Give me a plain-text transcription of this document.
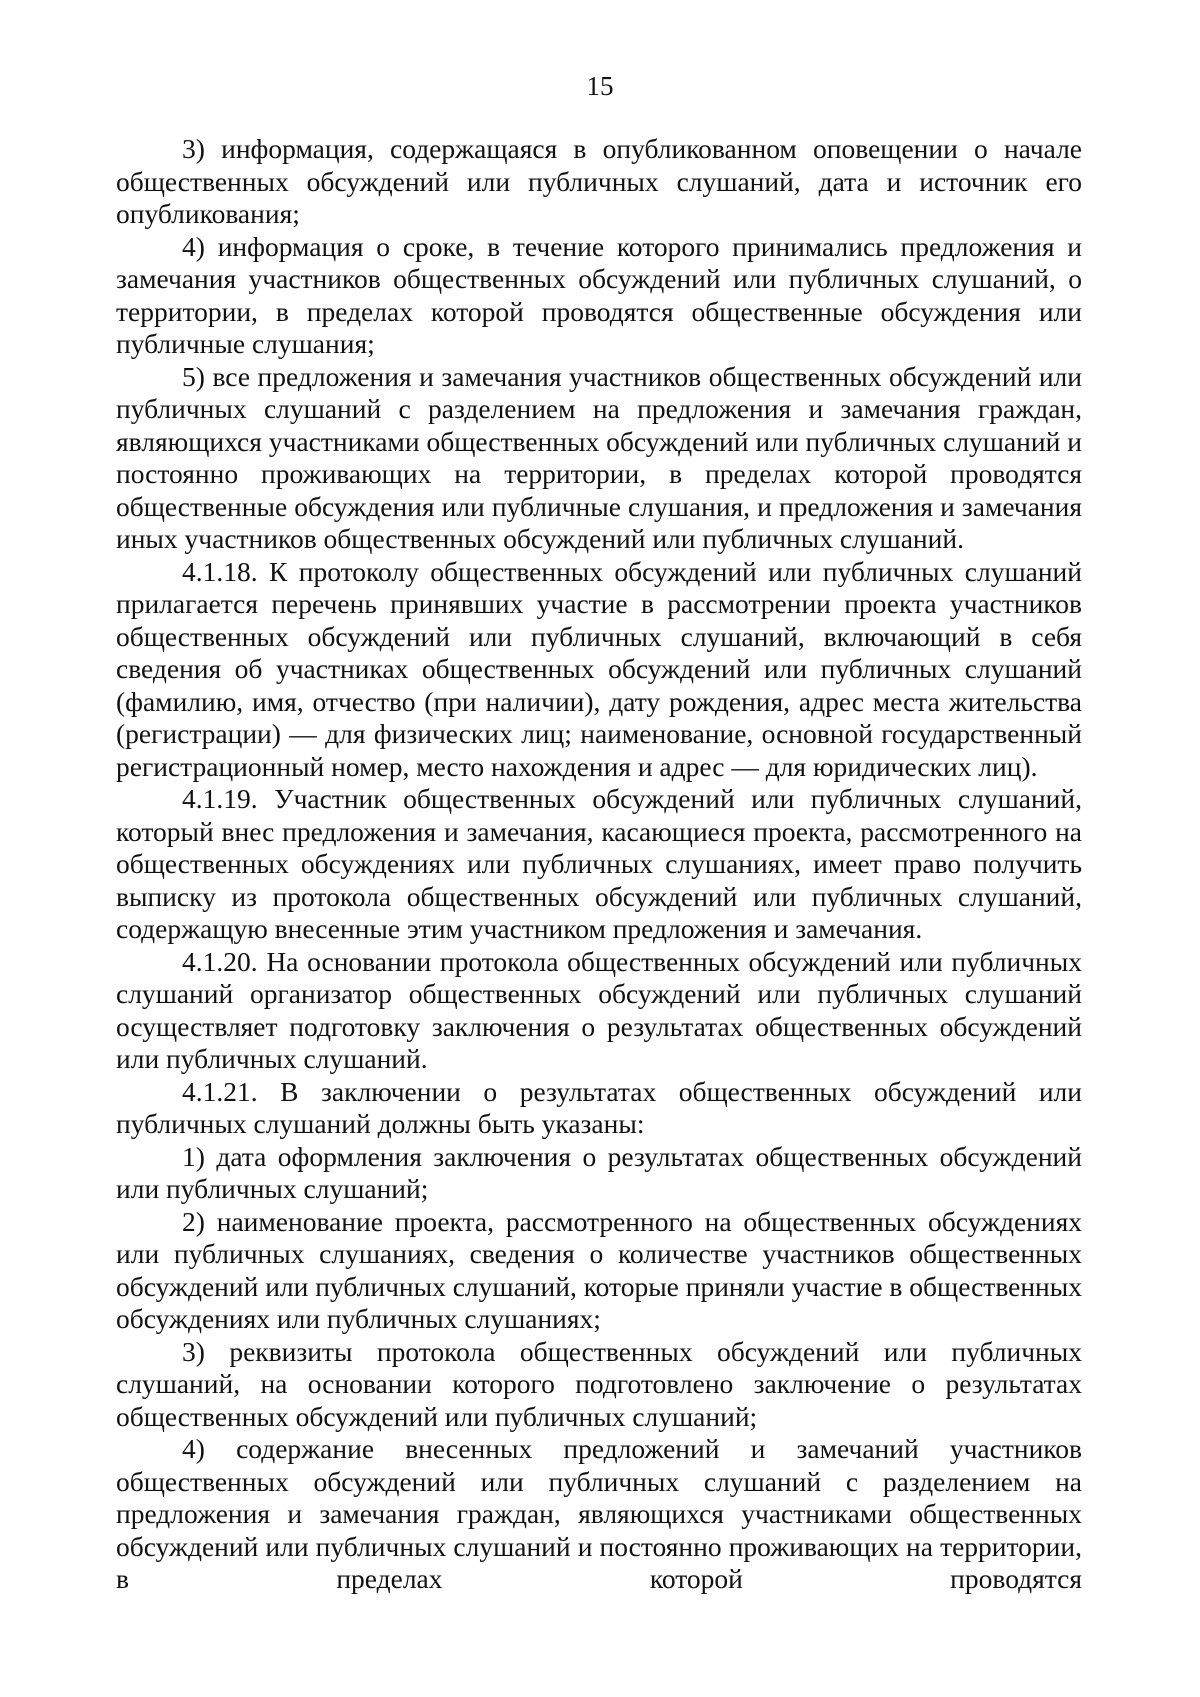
15

3) информация, содержащаяся в опубликованном оповещении о начале общественных обсуждений или публичных слушаний, дата и источник его опубликования;

4) информация о сроке, в течение которого принимались предложения и замечания участников общественных обсуждений или публичных слушаний, о территории, в пределах которой проводятся общественные обсуждения или публичные слушания;

5) все предложения и замечания участников общественных обсуждений или публичных слушаний с разделением на предложения и замечания граждан, являющихся участниками общественных обсуждений или публичных слушаний и постоянно проживающих на территории, в пределах которой проводятся общественные обсуждения или публичные слушания, и предложения и замечания иных участников общественных обсуждений или публичных слушаний.

4.1.18. К протоколу общественных обсуждений или публичных слушаний прилагается перечень принявших участие в рассмотрении проекта участников общественных обсуждений или публичных слушаний, включающий в себя сведения об участниках общественных обсуждений или публичных слушаний (фамилию, имя, отчество (при наличии), дату рождения, адрес места жительства (регистрации) — для физических лиц; наименование, основной государственный регистрационный номер, место нахождения и адрес — для юридических лиц).

4.1.19. Участник общественных обсуждений или публичных слушаний, который внес предложения и замечания, касающиеся проекта, рассмотренного на общественных обсуждениях или публичных слушаниях, имеет право получить выписку из протокола общественных обсуждений или публичных слушаний, содержащую внесенные этим участником предложения и замечания.

4.1.20. На основании протокола общественных обсуждений или публичных слушаний организатор общественных обсуждений или публичных слушаний осуществляет подготовку заключения о результатах общественных обсуждений или публичных слушаний.

4.1.21. В заключении о результатах общественных обсуждений или публичных слушаний должны быть указаны:

1) дата оформления заключения о результатах общественных обсуждений или публичных слушаний;

2) наименование проекта, рассмотренного на общественных обсуждениях или публичных слушаниях, сведения о количестве участников общественных обсуждений или публичных слушаний, которые приняли участие в общественных обсуждениях или публичных слушаниях;

3) реквизиты протокола общественных обсуждений или публичных слушаний, на основании которого подготовлено заключение о результатах общественных обсуждений или публичных слушаний;

4) содержание внесенных предложений и замечаний участников общественных обсуждений или публичных слушаний с разделением на предложения и замечания граждан, являющихся участниками общественных обсуждений или публичных слушаний и постоянно проживающих на территории, в пределах которой проводятся
